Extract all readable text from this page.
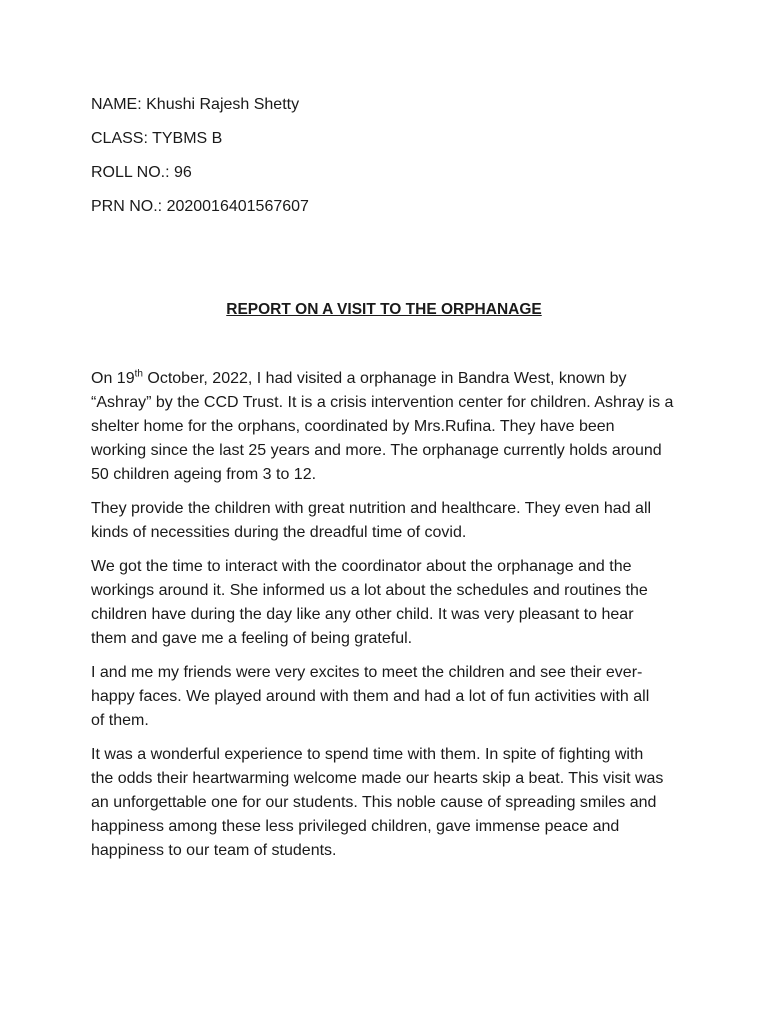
NAME: Khushi Rajesh Shetty

CLASS: TYBMS B

ROLL NO.: 96

PRN NO.: 2020016401567607

REPORT ON A VISIT TO THE ORPHANAGE
On 19th October, 2022, I had visited a orphanage in Bandra West, known by
“Ashray” by the CCD Trust. It is a crisis intervention center for children. Ashray is a
shelter home for the orphans, coordinated by Mrs.Rufina. They have been
working since the last 25 years and more. The orphanage currently holds around
50 children ageing from 3 to 12.
They provide the children with great nutrition and healthcare. They even had all
kinds of necessities during the dreadful time of covid.
We got the time to interact with the coordinator about the orphanage and the
workings around it. She informed us a lot about the schedules and routines the
children have during the day like any other child. It was very pleasant to hear
them and gave me a feeling of being grateful.
I and me my friends were very excites to meet the children and see their ever-
happy faces. We played around with them and had a lot of fun activities with all
of them.
It was a wonderful experience to spend time with them. In spite of fighting with
the odds their heartwarming welcome made our hearts skip a beat. This visit was
an unforgettable one for our students. This noble cause of spreading smiles and
happiness among these less privileged children, gave immense peace and
happiness to our team of students.
